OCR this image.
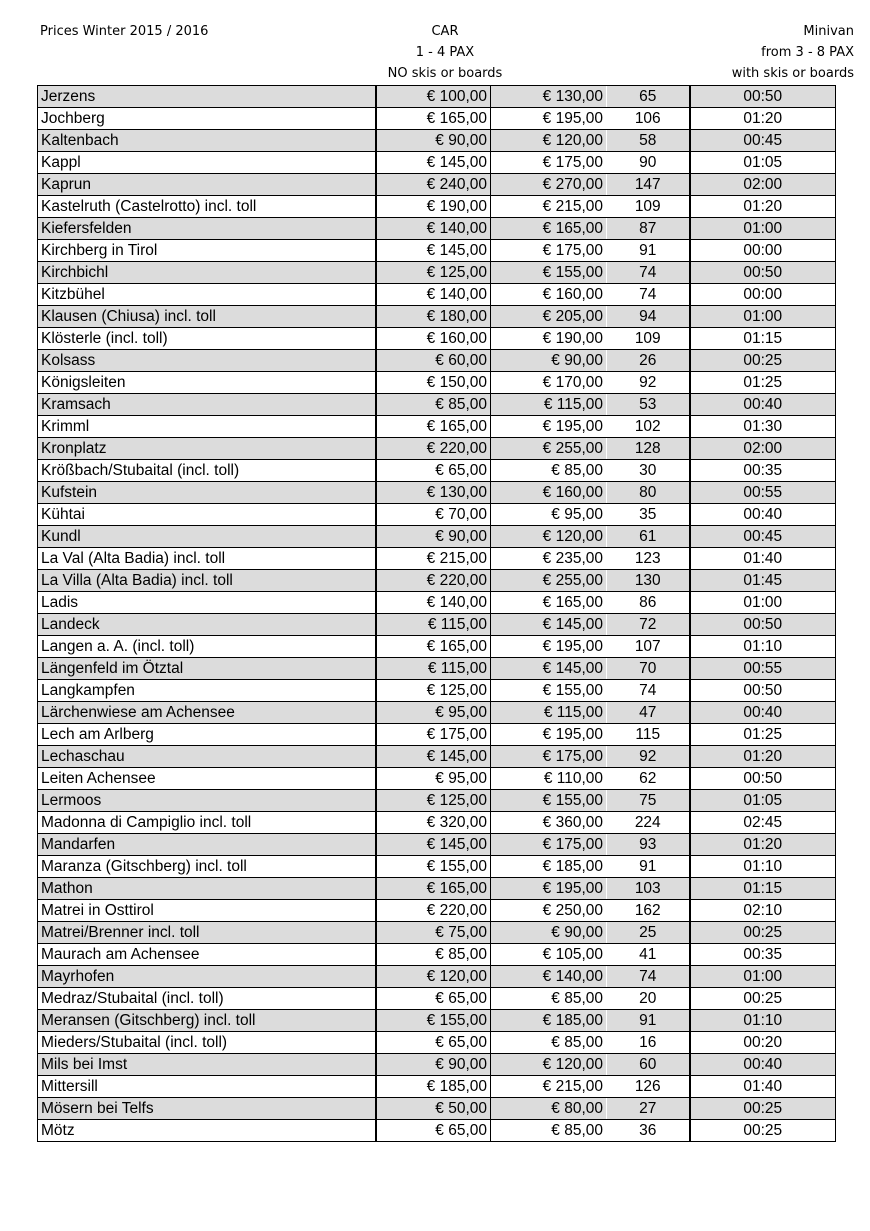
Prices Winter 2015 / 2016	CAR
1 - 4 PAX
NO skis or boards
Minivan
from 3 - 8 PAX
with skis or boards
Jerzens	€ 100,00	€ 130,00	65	00:50
Jochberg	€ 165,00	€ 195,00	106	01:20
Kaltenbach	€ 90,00	€ 120,00	58	00:45
Kappl	€ 145,00	€ 175,00	90	01:05
Kaprun	€ 240,00	€ 270,00	147	02:00
Kastelruth (Castelrotto) incl. toll	€ 190,00	€ 215,00	109	01:20
Kiefersfelden	€ 140,00	€ 165,00	87	01:00
Kirchberg in Tirol	€ 145,00	€ 175,00	91	00:00
Kirchbichl	€ 125,00	€ 155,00	74	00:50
Kitzbühel	€ 140,00	€ 160,00	74	00:00
Klausen (Chiusa) incl. toll	€ 180,00	€ 205,00	94	01:00
Klösterle (incl. toll)	€ 160,00	€ 190,00	109	01:15
Kolsass	€ 60,00	€ 90,00	26	00:25
Königsleiten	€ 150,00	€ 170,00	92	01:25
Kramsach	€ 85,00	€ 115,00	53	00:40
Krimml	€ 165,00	€ 195,00	102	01:30
Kronplatz	€ 220,00	€ 255,00	128	02:00
Krößbach/Stubaital (incl. toll)	€ 65,00	€ 85,00	30	00:35
Kufstein	€ 130,00	€ 160,00	80	00:55
Kühtai	€ 70,00	€ 95,00	35	00:40
Kundl	€ 90,00	€ 120,00	61	00:45
La Val (Alta Badia) incl. toll	€ 215,00	€ 235,00	123	01:40
La Villa (Alta Badia) incl. toll	€ 220,00	€ 255,00	130	01:45
Ladis	€ 140,00	€ 165,00	86	01:00
Landeck	€ 115,00	€ 145,00	72	00:50
Langen a. A. (incl. toll)	€ 165,00	€ 195,00	107	01:10
Längenfeld im Ötztal	€ 115,00	€ 145,00	70	00:55
Langkampfen	€ 125,00	€ 155,00	74	00:50
Lärchenwiese am Achensee	€ 95,00	€ 115,00	47	00:40
Lech am Arlberg	€ 175,00	€ 195,00	115	01:25
Lechaschau	€ 145,00	€ 175,00	92	01:20
Leiten Achensee	€ 95,00	€ 110,00	62	00:50
Lermoos	€ 125,00	€ 155,00	75	01:05
Madonna di Campiglio incl. toll	€ 320,00	€ 360,00	224	02:45
Mandarfen	€ 145,00	€ 175,00	93	01:20
Maranza (Gitschberg) incl. toll	€ 155,00	€ 185,00	91	01:10
Mathon	€ 165,00	€ 195,00	103	01:15
Matrei in Osttirol	€ 220,00	€ 250,00	162	02:10
Matrei/Brenner incl. toll	€ 75,00	€ 90,00	25	00:25
Maurach am Achensee	€ 85,00	€ 105,00	41	00:35
Mayrhofen	€ 120,00	€ 140,00	74	01:00
Medraz/Stubaital (incl. toll)	€ 65,00	€ 85,00	20	00:25
Meransen (Gitschberg) incl. toll	€ 155,00	€ 185,00	91	01:10
Mieders/Stubaital (incl. toll)	€ 65,00	€ 85,00	16	00:20
Mils bei Imst	€ 90,00	€ 120,00	60	00:40
Mittersill	€ 185,00	€ 215,00	126	01:40
Mösern bei Telfs	€ 50,00	€ 80,00	27	00:25
Mötz	€ 65,00	€ 85,00	36	00:25
